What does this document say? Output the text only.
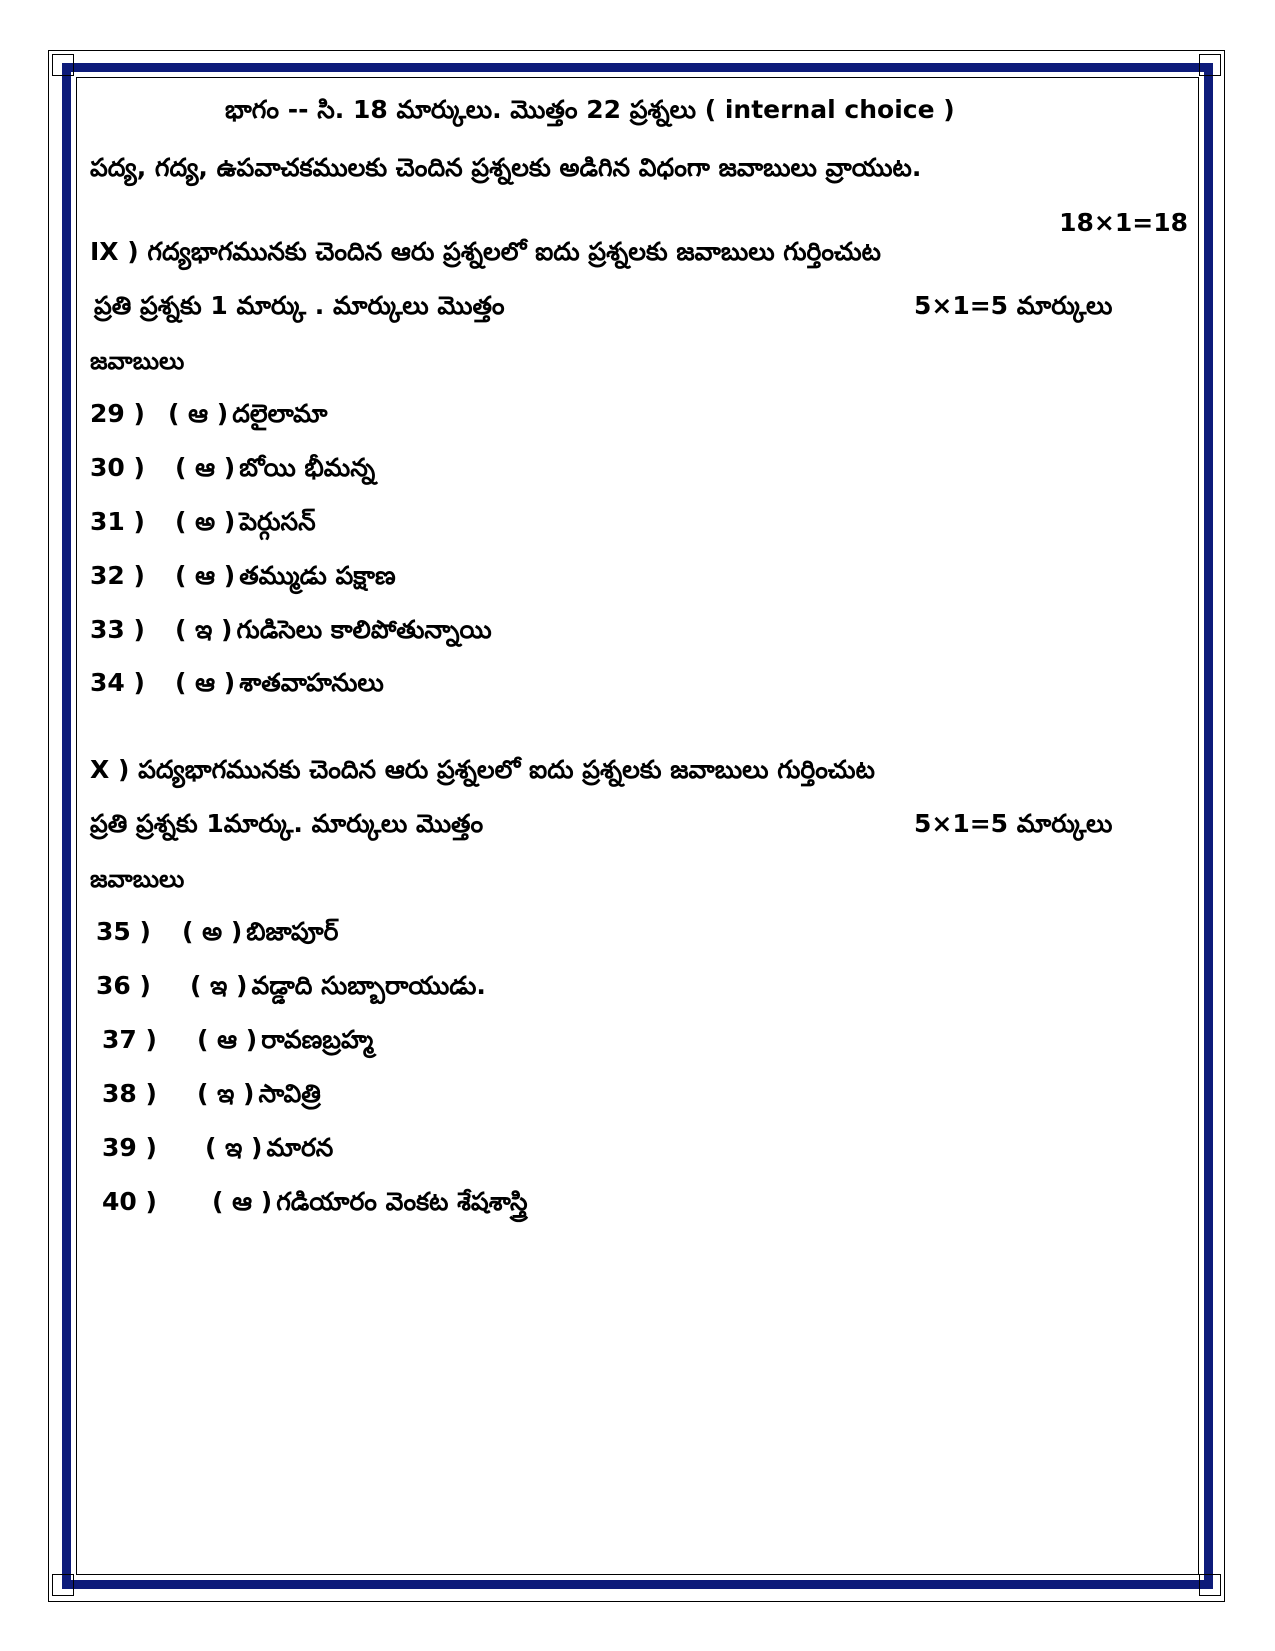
భాగం -- సి. 18 మార్కులు. మొత్తం 22 ప్రశ్నలు ( internal choice )
పద్య, గద్య, ఉపవాచకములకు చెందిన ప్రశ్నలకు అడిగిన విధంగా జవాబులు వ్రాయుట.
18×1=18
IX ) గద్యభాగమునకు చెందిన ఆరు ప్రశ్నలలో ఐదు ప్రశ్నలకు జవాబులు గుర్తించుట
ప్రతి ప్రశ్నకు 1 మార్కు . మార్కులు మొత్తం	5×1=5 మార్కులు
జవాబులు
29 ) ( ఆ ) దలైలామా
30 ) ( ఆ ) బోయి భీమన్న
31 ) ( అ ) పెర్గుసన్
32 ) ( ఆ ) తమ్ముడు పక్షాణ
33 ) ( ఇ ) గుడిసెలు కాలిపోతున్నాయి
34 ) ( ఆ ) శాతవాహనులు
X ) పద్యభాగమునకు చెందిన ఆరు ప్రశ్నలలో ఐదు ప్రశ్నలకు జవాబులు గుర్తించుట
ప్రతి ప్రశ్నకు 1మార్కు. మార్కులు మొత్తం	5×1=5 మార్కులు
జవాబులు
35 ) ( అ ) బిజాపూర్
36 ) ( ఇ ) వడ్డాది సుబ్బారాయుడు.
37 ) ( ఆ ) రావణబ్రహ్మ
38 ) ( ఇ ) సావిత్రి
39 ) ( ఇ ) మారన
40 ) ( ఆ ) గడియారం వెంకట శేషశాస్త్రి
